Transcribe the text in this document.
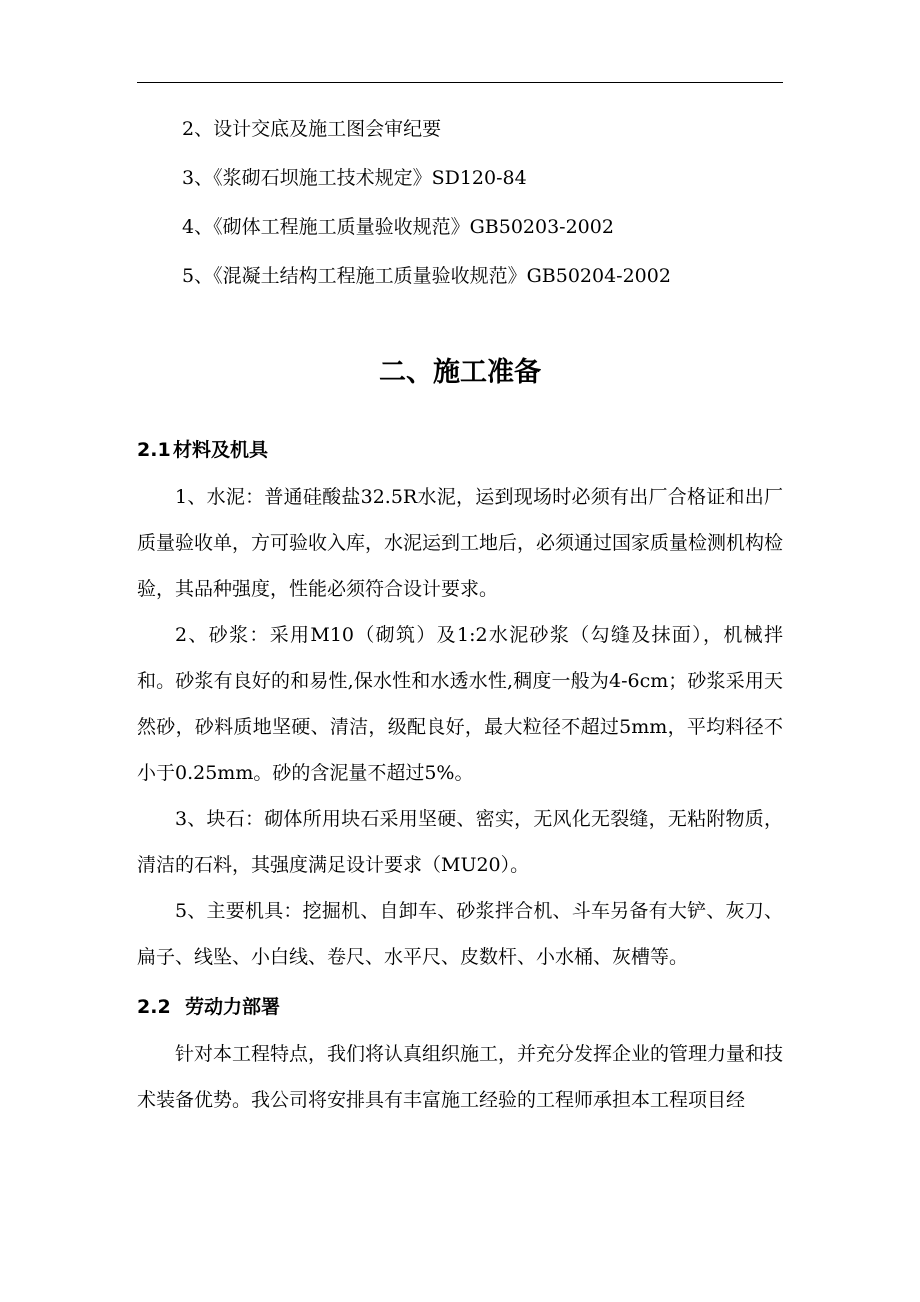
2、设计交底及施工图会审纪要
3、《浆砌石坝施工技术规定》SD120-84
4、《砌体工程施工质量验收规范》GB50203-2002
5、《混凝土结构工程施工质量验收规范》GB50204-2002
二、施工准备
2.1 材料及机具

1、水泥：普通硅酸盐32.5R水泥，运到现场时必须有出厂合格证和出厂质量验收单，方可验收入库，水泥运到工地后，必须通过国家质量检测机构检验，其品种强度，性能必须符合设计要求。

2、砂浆：采用M10（砌筑）及1:2水泥砂浆（勾缝及抹面），机械拌和。砂浆有良好的和易性,保水性和水透水性,稠度一般为4-6cm；砂浆采用天然砂，砂料质地坚硬、清洁，级配良好，最大粒径不超过5mm，平均料径不小于0.25mm。砂的含泥量不超过5%。

3、块石：砌体所用块石采用坚硬、密实，无风化无裂缝，无粘附物质，清洁的石料，其强度满足设计要求（MU20）。

5、主要机具：挖掘机、自卸车、砂浆拌合机、斗车另备有大铲、灰刀、扁子、线坠、小白线、卷尺、水平尺、皮数杆、小水桶、灰槽等。

2.2 劳动力部署

针对本工程特点，我们将认真组织施工，并充分发挥企业的管理力量和技术装备优势。我公司将安排具有丰富施工经验的工程师承担本工程项目经
